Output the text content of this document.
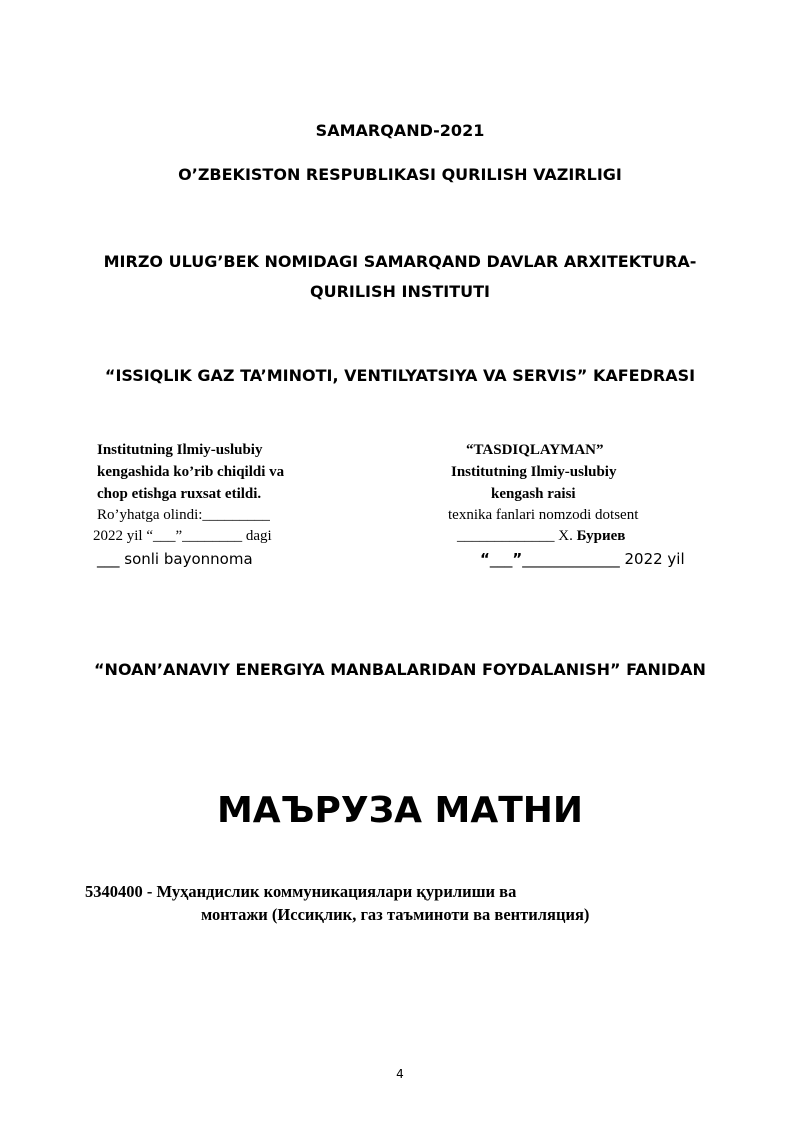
SAMARQAND-2021
O’ZBEKISTON RESPUBLIKASI QURILISH VAZIRLIGI
MIRZO ULUG’BEK NOMIDAGI SAMARQAND DAVLAR ARXITEKTURA-
QURILISH INSTITUTI
“ISSIQLIK GAZ TA’MINOTI, VENTILYATSIYA VA SERVIS” KAFEDRASI
Institutning Ilmiy-uslubiy
kengashida ko’rib chiqildi va
chop etishga ruxsat etildi.
Ro’yhatga olindi:_________
2022 yil “___”________ dagi
___ sonli bayonnoma
“TASDIQLAYMAN”
Institutning Ilmiy-uslubiy
kengash raisi
texnika fanlari nomzodi dotsent
_____________ Х. Буриев
“___”_____________ 2022 yil
“NOAN’ANAVIY ENERGIYA MANBALARIDAN FOYDALANISH” FANIDAN
МАЪРУЗА МАТНИ
5340400 - Муҳандислик коммуникациялари қурилиши ва
монтажи (Иссиқлик, газ таъминоти ва вентиляция)
4
